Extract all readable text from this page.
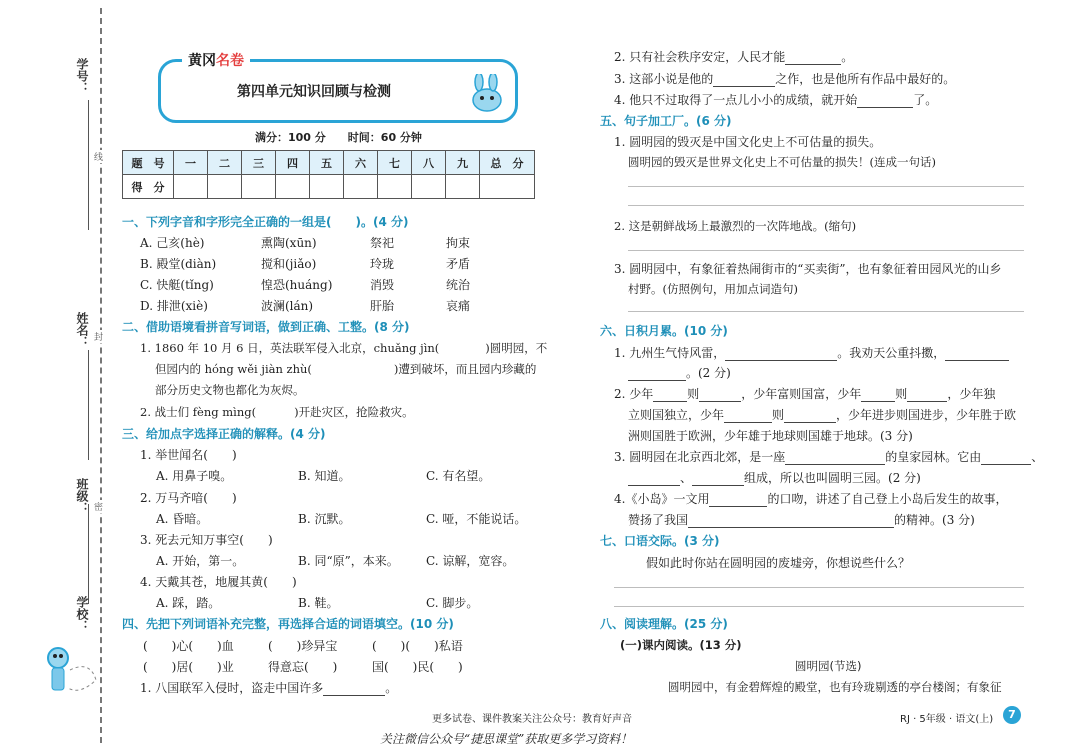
学号：
姓名：
班级：
学校：
线
封
密
第四单元知识回顾与检测
黄冈名卷
满分：100 分　　时间：60 分钟
题　号	一	二	三	四	五	六	七	八	九	总　分
得　分										
一、下列字音和字形完全正确的一组是(　　)。(4 分)
A. 己亥(hè)	熏陶(xūn)	祭祀	拘束
B. 殿堂(diàn)	搅和(jiǎo)	玲珑	矛盾
C. 快艇(tǐng)	惶恐(huáng)	消毁	统治
D. 排泄(xiè)	波澜(lán)	肝胎	哀痛
二、借助语境看拼音写词语，做到正确、工整。(8 分)
1. 1860 年 10 月 6 日，英法联军侵入北京，chuǎng jìn(	)圆明园，不
但园内的 hóng wěi jiàn zhù(	)遭到破坏，而且园内珍藏的
部分历史文物也都化为灰烬。
2. 战士们 fèng mìng(	)开赴灾区，抢险救灾。
三、给加点字选择正确的解释。(4 分)
1. 举世闻名(　　)
A. 用鼻子嗅。	B. 知道。	C. 有名望。
2. 万马齐喑(　　)
A. 昏暗。	B. 沉默。	C. 哑，不能说话。
3. 死去元知万事空(　　)
A. 开始，第一。	B. 同“原”，本来。 C. 谅解，宽容。
4. 天戴其苍，地履其黄(　　)
A. 踩，踏。	B. 鞋。	C. 脚步。
四、先把下列词语补充完整，再选择合适的词语填空。(10 分)
(　　)心(　　)血	(　　)珍异宝	(　　)(　　)私语
(　　)居(　　)业	得意忘(　　)	国(　　)民(　　)
1. 八国联军入侵时，盗走中国许多	。
2. 只有社会秩序安定，人民才能	。
3. 这部小说是他的	之作，也是他所有作品中最好的。
4. 他只不过取得了一点儿小小的成绩，就开始	了。
五、句子加工厂。(6 分)
1. 圆明园的毁灭是中国文化史上不可估量的损失。
圆明园的毁灭是世界文化史上不可估量的损失！(连成一句话)
2. 这是朝鲜战场上最激烈的一次阵地战。(缩句)
3. 圆明园中，有象征着热闹街市的“买卖街”，也有象征着田园风光的山乡
村野。(仿照例句，用加点词造句)
六、日积月累。(10 分)
1. 九州生气恃风雷，	。我劝天公重抖擞，
。(2 分)
2. 少年	则	，少年富则国富，少年	则	，少年独
立则国独立，少年	则	，少年进步则国进步，少年胜于欧
洲则国胜于欧洲，少年雄于地球则国雄于地球。(3 分)
3. 圆明园在北京西北郊，是一座	的皇家园林。它由	、
、	组成，所以也叫圆明三园。(2 分)
4.《小岛》一文用	的口吻，讲述了自己登上小岛后发生的故事，
赞扬了我国	的精神。(3 分)
七、口语交际。(3 分)
假如此时你站在圆明园的废墟旁，你想说些什么？
八、阅读理解。(25 分)
(一)课内阅读。(13 分)
圆明园(节选)
圆明园中，有金碧辉煌的殿堂，也有玲珑剔透的亭台楼阁；有象征
更多试卷、课件教案关注公众号：教育好声音	RJ · 5年级 · 语文(上)	7
关注微信公众号“捷思课堂”获取更多学习资料！
